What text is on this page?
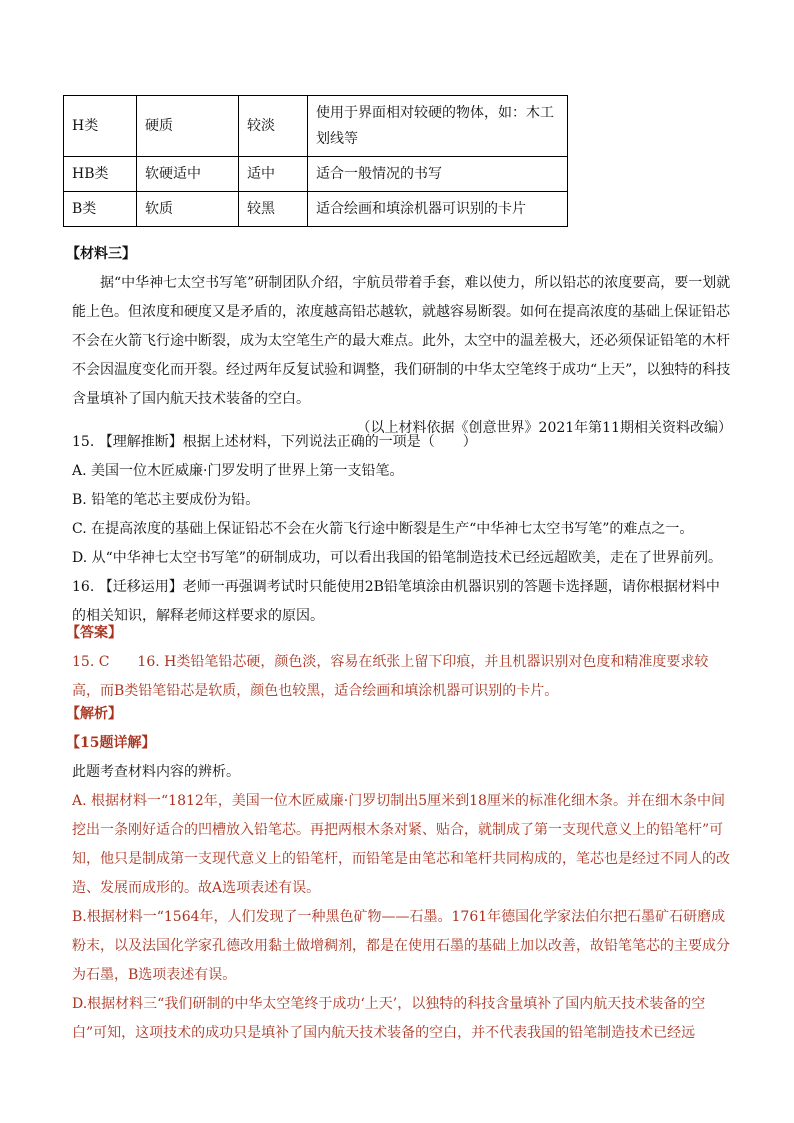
H类	硬质	较淡	使用于界面相对较硬的物体，如：木工划线等
HB类	软硬适中	适中	适合一般情况的书写
B类	软质	较黑	适合绘画和填涂机器可识别的卡片

【材料三】

据“中华神七太空书写笔”研制团队介绍，宇航员带着手套，难以使力，所以铅芯的浓度要高，要一划就能上色。但浓度和硬度又是矛盾的，浓度越高铅芯越软，就越容易断裂。如何在提高浓度的基础上保证铅芯不会在火箭飞行途中断裂，成为太空笔生产的最大难点。此外，太空中的温差极大，还必须保证铅笔的木杆不会因温度变化而开裂。经过两年反复试验和调整，我们研制的中华太空笔终于成功“上天”，以独特的科技含量填补了国内航天技术装备的空白。

（以上材料依据《创意世界》2021年第11期相关资料改编）

15. 【理解推断】根据上述材料，下列说法正确的一项是（　　）

A. 美国一位木匠威廉·门罗发明了世界上第一支铅笔。

B. 铅笔的笔芯主要成份为铅。

C. 在提高浓度的基础上保证铅芯不会在火箭飞行途中断裂是生产“中华神七太空书写笔”的难点之一。

D. 从“中华神七太空书写笔”的研制成功，可以看出我国的铅笔制造技术已经远超欧美，走在了世界前列。

16. 【迁移运用】老师一再强调考试时只能使用2B铅笔填涂由机器识别的答题卡选择题，请你根据材料中的相关知识，解释老师这样要求的原因。

【答案】

15. C　　16. H类铅笔铅芯硬，颜色淡，容易在纸张上留下印痕，并且机器识别对色度和精准度要求较高，而B类铅笔铅芯是软质，颜色也较黑，适合绘画和填涂机器可识别的卡片。

【解析】

【15题详解】

此题考查材料内容的辨析。

A. 根据材料一“1812年，美国一位木匠威廉·门罗切制出5厘米到18厘米的标准化细木条。并在细木条中间挖出一条刚好适合的凹槽放入铅笔芯。再把两根木条对紧、贴合，就制成了第一支现代意义上的铅笔杆”可知，他只是制成第一支现代意义上的铅笔杆，而铅笔是由笔芯和笔杆共同构成的，笔芯也是经过不同人的改造、发展而成形的。故A选项表述有误。

B.根据材料一“1564年，人们发现了一种黑色矿物——石墨。1761年德国化学家法伯尔把石墨矿石研磨成粉末，以及法国化学家孔德改用黏土做增稠剂，都是在使用石墨的基础上加以改善，故铅笔笔芯的主要成分为石墨，B选项表述有误。

D.根据材料三“我们研制的中华太空笔终于成功‘上天’，以独特的科技含量填补了国内航天技术装备的空白”可知，这项技术的成功只是填补了国内航天技术装备的空白，并不代表我国的铅笔制造技术已经远
